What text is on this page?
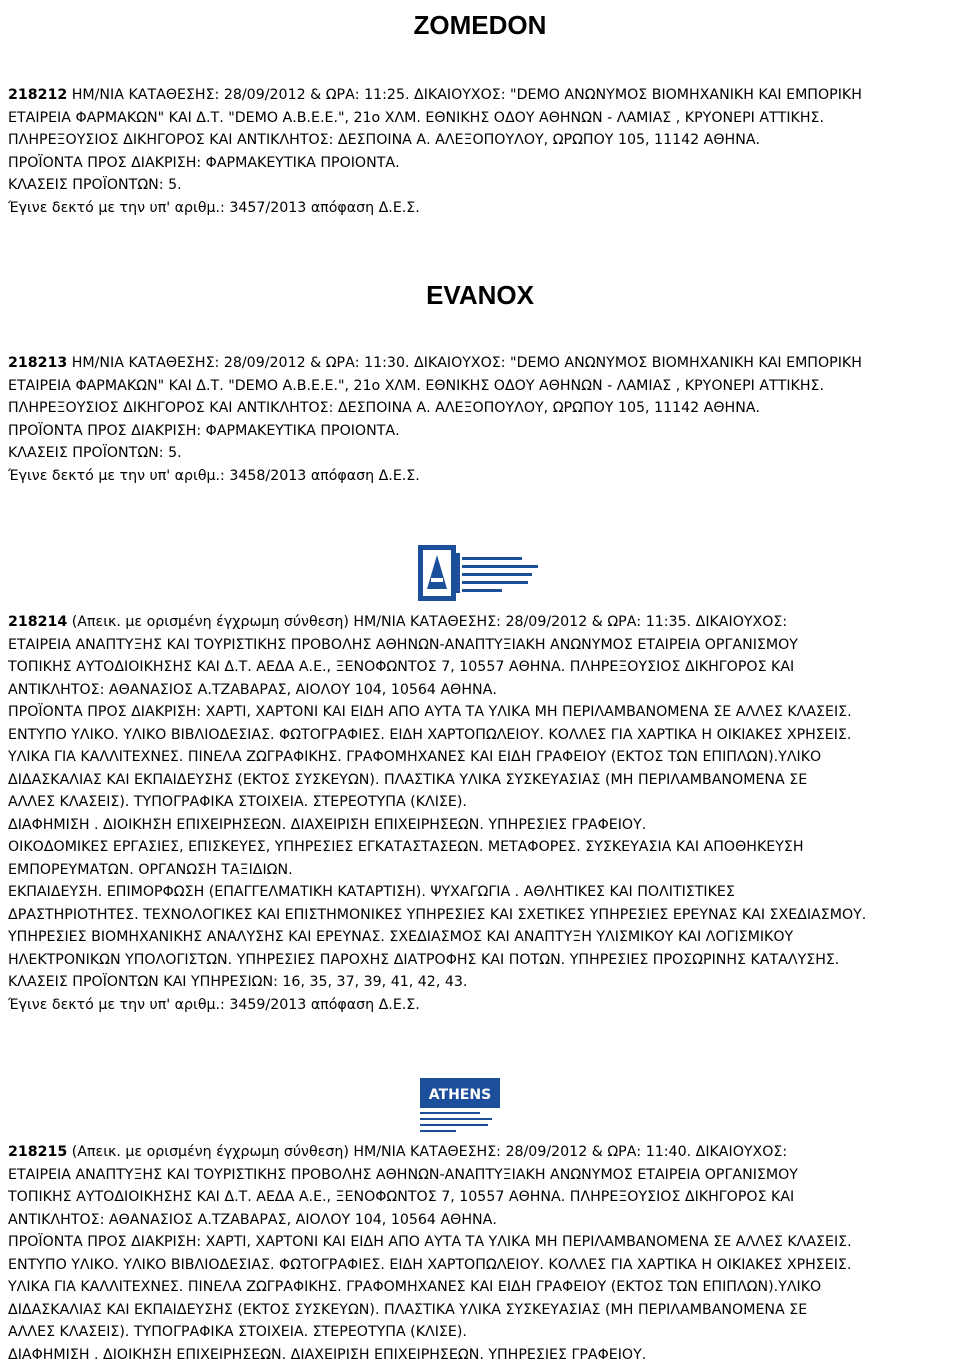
ZOMEDON

218212 ΗΜ/ΝΙΑ ΚΑΤΑΘΕΣΗΣ: 28/09/2012 & ΩΡΑ: 11:25. ΔΙΚΑΙΟΥΧΟΣ: "DEMO ΑΝΩΝΥΜΟΣ ΒΙΟΜΗΧΑΝΙΚΗ ΚΑΙ ΕΜΠΟΡΙΚΗ

ΕΤΑΙΡΕΙΑ ΦΑΡΜΑΚΩΝ" ΚΑΙ Δ.Τ. "DEMO Α.Β.Ε.Ε.", 21ο ΧΛΜ. ΕΘΝΙΚΗΣ ΟΔΟΥ ΑΘΗΝΩΝ - ΛΑΜΙΑΣ , ΚΡΥΟΝΕΡΙ ΑΤΤΙΚΗΣ.

ΠΛΗΡΕΞΟΥΣΙΟΣ ΔΙΚΗΓΟΡΟΣ ΚΑΙ ΑΝΤΙΚΛΗΤΟΣ: ΔΕΣΠΟΙΝΑ Α. ΑΛΕΞΟΠΟΥΛΟΥ, ΩΡΩΠΟΥ 105, 11142 ΑΘΗΝΑ.

ΠΡΟΪΟΝΤΑ ΠΡΟΣ ΔΙΑΚΡΙΣΗ: ΦΑΡΜΑΚΕΥΤΙΚΑ ΠΡΟΙΟΝΤΑ.

ΚΛΑΣΕΙΣ ΠΡΟΪΟΝΤΩΝ: 5.

Έγινε δεκτό με την υπ' αριθμ.: 3457/2013 απόφαση Δ.Ε.Σ.

EVANOX

218213 ΗΜ/ΝΙΑ ΚΑΤΑΘΕΣΗΣ: 28/09/2012 & ΩΡΑ: 11:30. ΔΙΚΑΙΟΥΧΟΣ: "DEMO ΑΝΩΝΥΜΟΣ ΒΙΟΜΗΧΑΝΙΚΗ ΚΑΙ ΕΜΠΟΡΙΚΗ

ΕΤΑΙΡΕΙΑ ΦΑΡΜΑΚΩΝ" ΚΑΙ Δ.Τ. "DEMO Α.Β.Ε.Ε.", 21ο ΧΛΜ. ΕΘΝΙΚΗΣ ΟΔΟΥ ΑΘΗΝΩΝ - ΛΑΜΙΑΣ , ΚΡΥΟΝΕΡΙ ΑΤΤΙΚΗΣ.

ΠΛΗΡΕΞΟΥΣΙΟΣ ΔΙΚΗΓΟΡΟΣ ΚΑΙ ΑΝΤΙΚΛΗΤΟΣ: ΔΕΣΠΟΙΝΑ Α. ΑΛΕΞΟΠΟΥΛΟΥ, ΩΡΩΠΟΥ 105, 11142 ΑΘΗΝΑ.

ΠΡΟΪΟΝΤΑ ΠΡΟΣ ΔΙΑΚΡΙΣΗ: ΦΑΡΜΑΚΕΥΤΙΚΑ ΠΡΟΙΟΝΤΑ.

ΚΛΑΣΕΙΣ ΠΡΟΪΟΝΤΩΝ: 5.

Έγινε δεκτό με την υπ' αριθμ.: 3458/2013 απόφαση Δ.Ε.Σ.

218214 (Απεικ. με ορισμένη έγχρωμη σύνθεση) ΗΜ/ΝΙΑ ΚΑΤΑΘΕΣΗΣ: 28/09/2012 & ΩΡΑ: 11:35. ΔΙΚΑΙΟΥΧΟΣ:

ΕΤΑΙΡΕΙΑ ΑΝΑΠΤΥΞΗΣ ΚΑΙ ΤΟΥΡΙΣΤΙΚΗΣ ΠΡΟΒΟΛΗΣ ΑΘΗΝΩΝ-ΑΝΑΠΤΥΞΙΑΚΗ ΑΝΩΝΥΜΟΣ ΕΤΑΙΡΕΙΑ ΟΡΓΑΝΙΣΜΟΥ

ΤΟΠΙΚΗΣ ΑΥΤΟΔΙΟΙΚΗΣΗΣ ΚΑΙ Δ.Τ. ΑΕΔΑ Α.Ε., ΞΕΝΟΦΩΝΤΟΣ 7, 10557 ΑΘΗΝΑ. ΠΛΗΡΕΞΟΥΣΙΟΣ ΔΙΚΗΓΟΡΟΣ ΚΑΙ

ΑΝΤΙΚΛΗΤΟΣ: ΑΘΑΝΑΣΙΟΣ Α.ΤΖΑΒΑΡΑΣ, ΑΙΟΛΟΥ 104, 10564 ΑΘΗΝΑ.

ΠΡΟΪΟΝΤΑ ΠΡΟΣ ΔΙΑΚΡΙΣΗ: ΧΑΡΤΙ, ΧΑΡΤΟΝΙ ΚΑΙ ΕΙΔΗ ΑΠΟ ΑΥΤΑ ΤΑ ΥΛΙΚΑ ΜΗ ΠΕΡΙΛΑΜΒΑΝΟΜΕΝΑ ΣΕ ΑΛΛΕΣ ΚΛΑΣΕΙΣ.

ΕΝΤΥΠΟ ΥΛΙΚΟ. ΥΛΙΚΟ ΒΙΒΛΙΟΔΕΣΙΑΣ. ΦΩΤΟΓΡΑΦΙΕΣ. ΕΙΔΗ ΧΑΡΤΟΠΩΛΕΙΟΥ. ΚΟΛΛΕΣ ΓΙΑ ΧΑΡΤΙΚΑ Η ΟΙΚΙΑΚΕΣ ΧΡΗΣΕΙΣ.

ΥΛΙΚΑ ΓΙΑ ΚΑΛΛΙΤΕΧΝΕΣ. ΠΙΝΕΛΑ ΖΩΓΡΑΦΙΚΗΣ. ΓΡΑΦΟΜΗΧΑΝΕΣ ΚΑΙ ΕΙΔΗ ΓΡΑΦΕΙΟΥ (ΕΚΤΟΣ ΤΩΝ ΕΠΙΠΛΩΝ).ΥΛΙΚΟ

ΔΙΔΑΣΚΑΛΙΑΣ ΚΑΙ ΕΚΠΑΙΔΕΥΣΗΣ (ΕΚΤΟΣ ΣΥΣΚΕΥΩΝ). ΠΛΑΣΤΙΚΑ ΥΛΙΚΑ ΣΥΣΚΕΥΑΣΙΑΣ (ΜΗ ΠΕΡΙΛΑΜΒΑΝΟΜΕΝΑ ΣΕ

ΑΛΛΕΣ ΚΛΑΣΕΙΣ). ΤΥΠΟΓΡΑΦΙΚΑ ΣΤΟΙΧΕΙΑ. ΣΤΕΡΕΟΤΥΠΑ (ΚΛΙΣΕ).

ΔΙΑΦΗΜΙΣΗ . ΔΙΟΙΚΗΣΗ ΕΠΙΧΕΙΡΗΣΕΩΝ. ΔΙΑΧΕΙΡΙΣΗ ΕΠΙΧΕΙΡΗΣΕΩΝ. ΥΠΗΡΕΣΙΕΣ ΓΡΑΦΕΙΟΥ.

ΟΙΚΟΔΟΜΙΚΕΣ ΕΡΓΑΣΙΕΣ, ΕΠΙΣΚΕΥΕΣ, ΥΠΗΡΕΣΙΕΣ ΕΓΚΑΤΑΣΤΑΣΕΩΝ. ΜΕΤΑΦΟΡΕΣ. ΣΥΣΚΕΥΑΣΙΑ ΚΑΙ ΑΠΟΘΗΚΕΥΣΗ

ΕΜΠΟΡΕΥΜΑΤΩΝ. ΟΡΓΑΝΩΣΗ ΤΑΞΙΔΙΩΝ.

ΕΚΠΑΙΔΕΥΣΗ. ΕΠΙΜΟΡΦΩΣΗ (ΕΠΑΓΓΕΛΜΑΤΙΚΗ ΚΑΤΑΡΤΙΣΗ). ΨΥΧΑΓΩΓΙΑ . ΑΘΛΗΤΙΚΕΣ ΚΑΙ ΠΟΛΙΤΙΣΤΙΚΕΣ

ΔΡΑΣΤΗΡΙΟΤΗΤΕΣ. ΤΕΧΝΟΛΟΓΙΚΕΣ ΚΑΙ ΕΠΙΣΤΗΜΟΝΙΚΕΣ ΥΠΗΡΕΣΙΕΣ ΚΑΙ ΣΧΕΤΙΚΕΣ ΥΠΗΡΕΣΙΕΣ ΕΡΕΥΝΑΣ ΚΑΙ ΣΧΕΔΙΑΣΜΟΥ.

ΥΠΗΡΕΣΙΕΣ ΒΙΟΜΗΧΑΝΙΚΗΣ ΑΝΑΛΥΣΗΣ ΚΑΙ ΕΡΕΥΝΑΣ. ΣΧΕΔΙΑΣΜΟΣ ΚΑΙ ΑΝΑΠΤΥΞΗ ΥΛΙΣΜΙΚΟΥ ΚΑΙ ΛΟΓΙΣΜΙΚΟΥ

ΗΛΕΚΤΡΟΝΙΚΩΝ ΥΠΟΛΟΓΙΣΤΩΝ. ΥΠΗΡΕΣΙΕΣ ΠΑΡΟΧΗΣ ΔΙΑΤΡΟΦΗΣ ΚΑΙ ΠΟΤΩΝ. ΥΠΗΡΕΣΙΕΣ ΠΡΟΣΩΡΙΝΗΣ ΚΑΤΑΛΥΣΗΣ.

ΚΛΑΣΕΙΣ ΠΡΟΪΟΝΤΩΝ ΚΑΙ ΥΠΗΡΕΣΙΩΝ: 16, 35, 37, 39, 41, 42, 43.

Έγινε δεκτό με την υπ' αριθμ.: 3459/2013 απόφαση Δ.Ε.Σ.

ATHENS

218215 (Απεικ. με ορισμένη έγχρωμη σύνθεση) ΗΜ/ΝΙΑ ΚΑΤΑΘΕΣΗΣ: 28/09/2012 & ΩΡΑ: 11:40. ΔΙΚΑΙΟΥΧΟΣ:

ΕΤΑΙΡΕΙΑ ΑΝΑΠΤΥΞΗΣ ΚΑΙ ΤΟΥΡΙΣΤΙΚΗΣ ΠΡΟΒΟΛΗΣ ΑΘΗΝΩΝ-ΑΝΑΠΤΥΞΙΑΚΗ ΑΝΩΝΥΜΟΣ ΕΤΑΙΡΕΙΑ ΟΡΓΑΝΙΣΜΟΥ

ΤΟΠΙΚΗΣ ΑΥΤΟΔΙΟΙΚΗΣΗΣ ΚΑΙ Δ.Τ. ΑΕΔΑ Α.Ε., ΞΕΝΟΦΩΝΤΟΣ 7, 10557 ΑΘΗΝΑ. ΠΛΗΡΕΞΟΥΣΙΟΣ ΔΙΚΗΓΟΡΟΣ ΚΑΙ

ΑΝΤΙΚΛΗΤΟΣ: ΑΘΑΝΑΣΙΟΣ Α.ΤΖΑΒΑΡΑΣ, ΑΙΟΛΟΥ 104, 10564 ΑΘΗΝΑ.

ΠΡΟΪΟΝΤΑ ΠΡΟΣ ΔΙΑΚΡΙΣΗ: ΧΑΡΤΙ, ΧΑΡΤΟΝΙ ΚΑΙ ΕΙΔΗ ΑΠΟ ΑΥΤΑ ΤΑ ΥΛΙΚΑ ΜΗ ΠΕΡΙΛΑΜΒΑΝΟΜΕΝΑ ΣΕ ΑΛΛΕΣ ΚΛΑΣΕΙΣ.

ΕΝΤΥΠΟ ΥΛΙΚΟ. ΥΛΙΚΟ ΒΙΒΛΙΟΔΕΣΙΑΣ. ΦΩΤΟΓΡΑΦΙΕΣ. ΕΙΔΗ ΧΑΡΤΟΠΩΛΕΙΟΥ. ΚΟΛΛΕΣ ΓΙΑ ΧΑΡΤΙΚΑ Η ΟΙΚΙΑΚΕΣ ΧΡΗΣΕΙΣ.

ΥΛΙΚΑ ΓΙΑ ΚΑΛΛΙΤΕΧΝΕΣ. ΠΙΝΕΛΑ ΖΩΓΡΑΦΙΚΗΣ. ΓΡΑΦΟΜΗΧΑΝΕΣ ΚΑΙ ΕΙΔΗ ΓΡΑΦΕΙΟΥ (ΕΚΤΟΣ ΤΩΝ ΕΠΙΠΛΩΝ).ΥΛΙΚΟ

ΔΙΔΑΣΚΑΛΙΑΣ ΚΑΙ ΕΚΠΑΙΔΕΥΣΗΣ (ΕΚΤΟΣ ΣΥΣΚΕΥΩΝ). ΠΛΑΣΤΙΚΑ ΥΛΙΚΑ ΣΥΣΚΕΥΑΣΙΑΣ (ΜΗ ΠΕΡΙΛΑΜΒΑΝΟΜΕΝΑ ΣΕ

ΑΛΛΕΣ ΚΛΑΣΕΙΣ). ΤΥΠΟΓΡΑΦΙΚΑ ΣΤΟΙΧΕΙΑ. ΣΤΕΡΕΟΤΥΠΑ (ΚΛΙΣΕ).

ΔΙΑΦΗΜΙΣΗ . ΔΙΟΙΚΗΣΗ ΕΠΙΧΕΙΡΗΣΕΩΝ. ΔΙΑΧΕΙΡΙΣΗ ΕΠΙΧΕΙΡΗΣΕΩΝ. ΥΠΗΡΕΣΙΕΣ ΓΡΑΦΕΙΟΥ.
